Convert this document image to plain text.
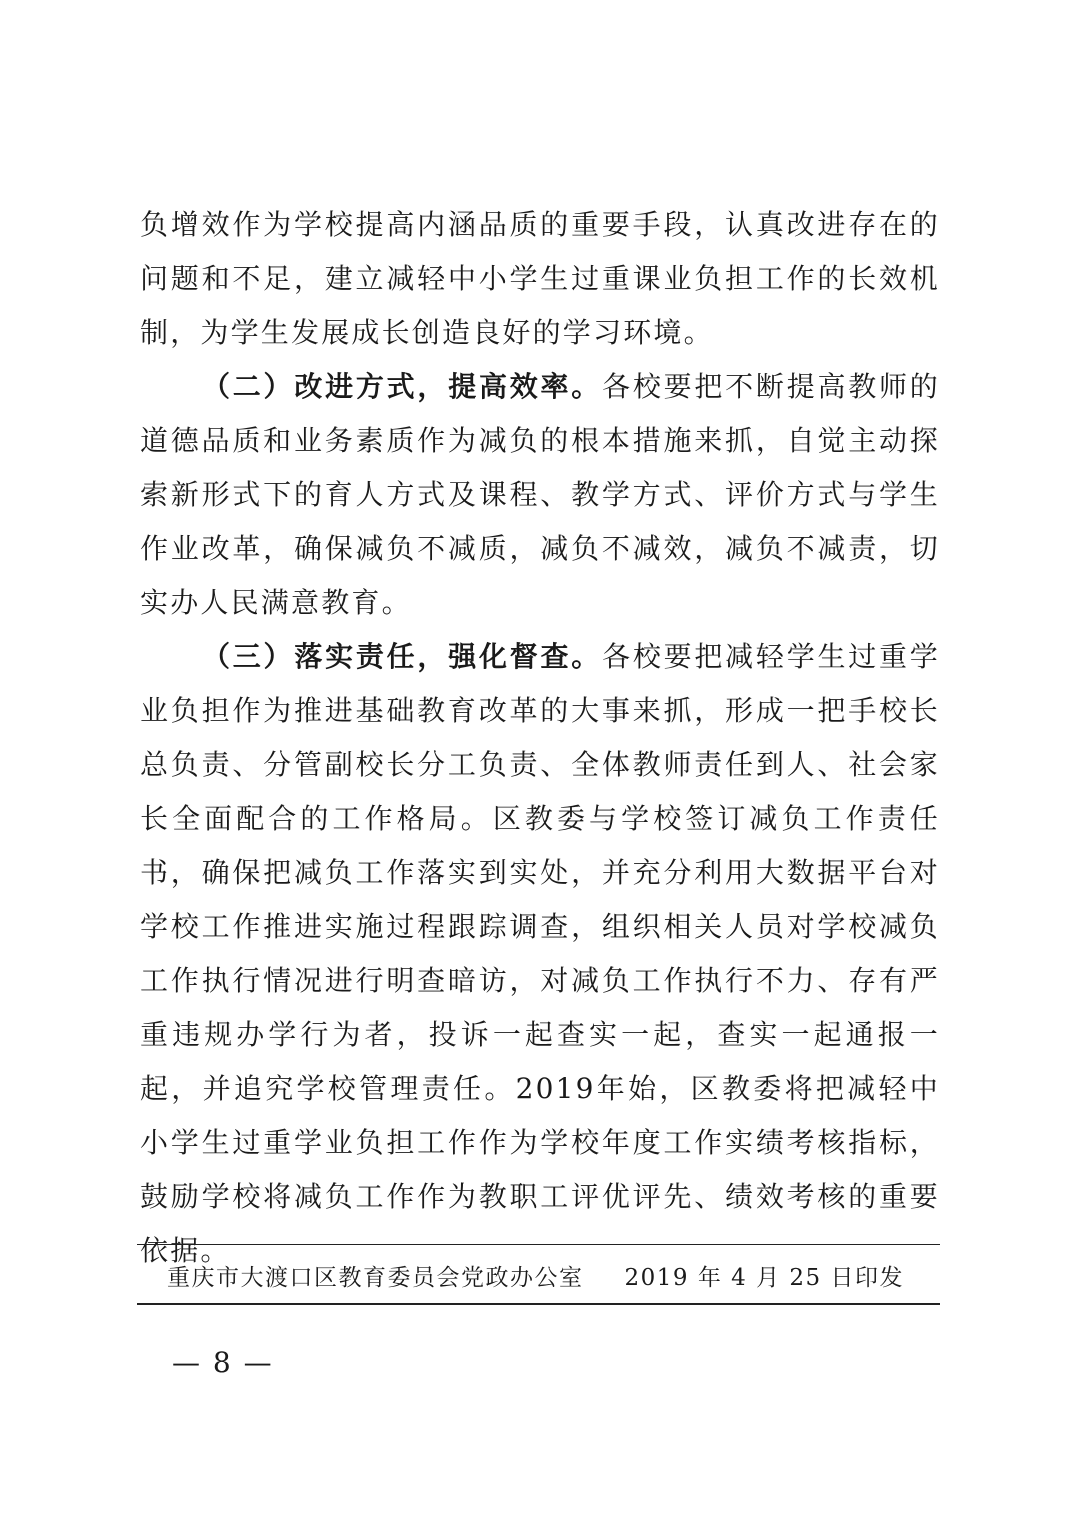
负增效作为学校提高内涵品质的重要手段，认真改进存在的问题和不足，建立减轻中小学生过重课业负担工作的长效机制，为学生发展成长创造良好的学习环境。

（二）改进方式，提高效率。各校要把不断提高教师的道德品质和业务素质作为减负的根本措施来抓，自觉主动探索新形式下的育人方式及课程、教学方式、评价方式与学生作业改革，确保减负不减质，减负不减效，减负不减责，切实办人民满意教育。

（三）落实责任，强化督查。各校要把减轻学生过重学业负担作为推进基础教育改革的大事来抓，形成一把手校长总负责、分管副校长分工负责、全体教师责任到人、社会家长全面配合的工作格局。区教委与学校签订减负工作责任书，确保把减负工作落实到实处，并充分利用大数据平台对学校工作推进实施过程跟踪调查，组织相关人员对学校减负工作执行情况进行明查暗访，对减负工作执行不力、存有严重违规办学行为者，投诉一起查实一起，查实一起通报一起，并追究学校管理责任。2019年始，区教委将把减轻中小学生过重学业负担工作作为学校年度工作实绩考核指标，鼓励学校将减负工作作为教职工评优评先、绩效考核的重要依据。

重庆市大渡口区教育委员会党政办公室 2019 年 4 月 25 日印发
— 8 —
